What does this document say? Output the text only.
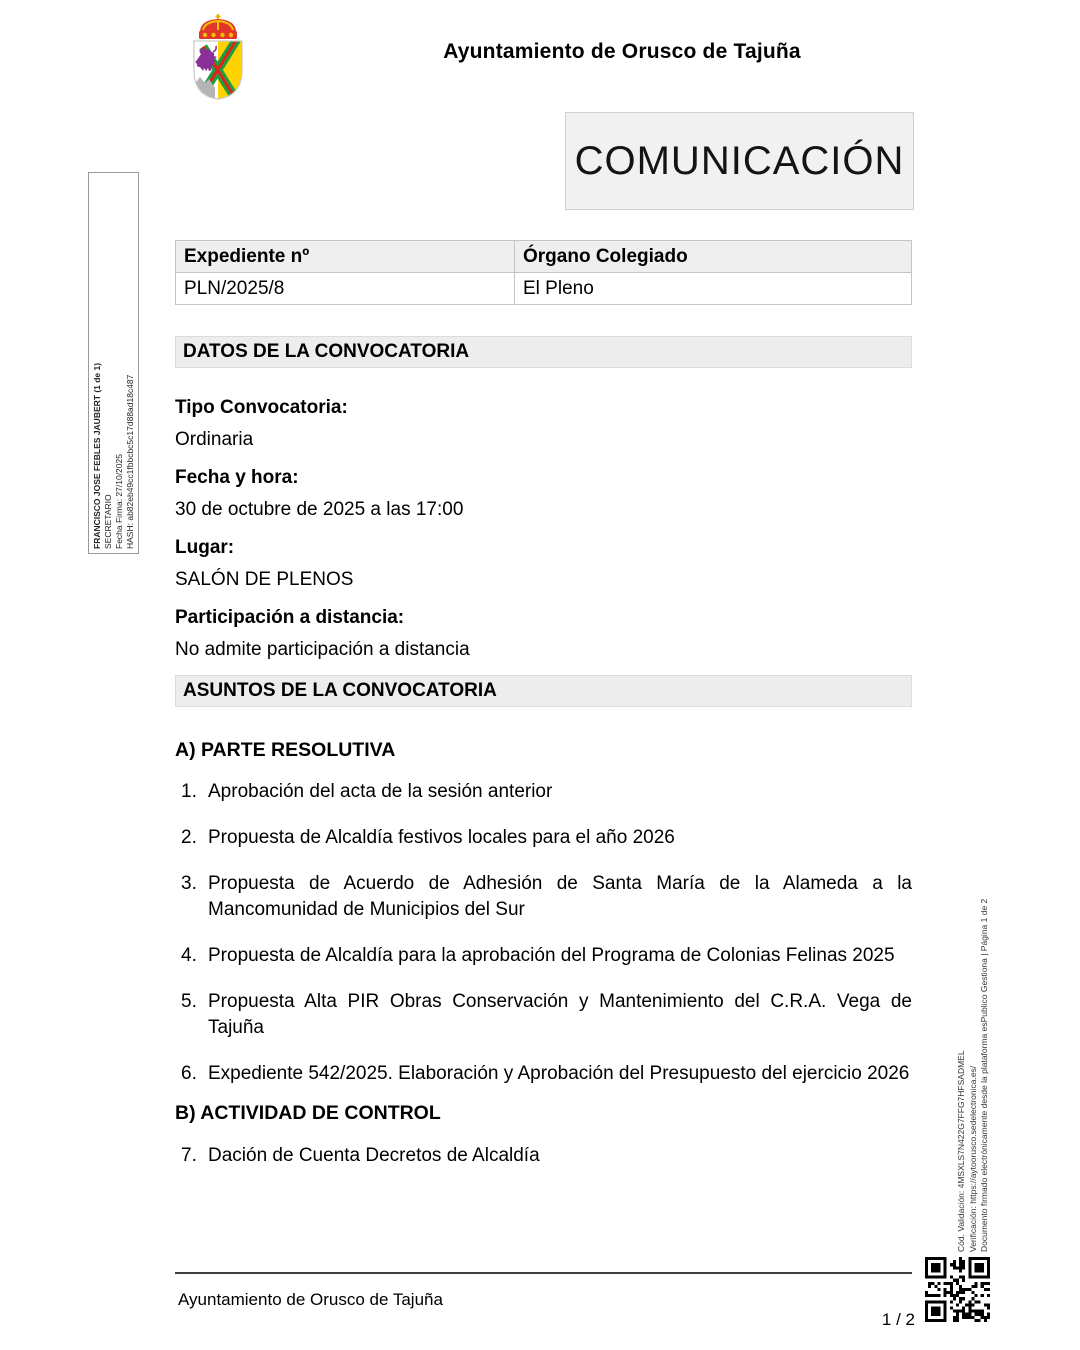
Ayuntamiento de Orusco de Tajuña
COMUNICACIÓN
Expediente nº	Órgano Colegiado
PLN/2025/8	El Pleno
DATOS DE LA CONVOCATORIA
Tipo Convocatoria:
Ordinaria
Fecha y hora:
30 de octubre de 2025 a las 17:00
Lugar:
SALÓN DE PLENOS
Participación a distancia:
No admite participación a distancia
ASUNTOS DE LA CONVOCATORIA
A) PARTE RESOLUTIVA
1. Aprobación del acta de la sesión anterior
2. Propuesta de Alcaldía festivos locales para el año 2026
3. Propuesta de Acuerdo de Adhesión de Santa María de la Alameda a la Mancomunidad de Municipios del Sur
4. Propuesta de Alcaldía para la aprobación del Programa de Colonias Felinas 2025
5. Propuesta Alta PIR Obras Conservación y Mantenimiento del C.R.A. Vega de Tajuña
6. Expediente 542/2025. Elaboración y Aprobación del Presupuesto del ejercicio 2026
B) ACTIVIDAD DE CONTROL
7. Dación de Cuenta Decretos de Alcaldía
FRANCISCO JOSE FEBLES JAUBERT (1 de 1) SECRETARIO Fecha Firma: 27/10/2025 HASH: ab82eb49cc1fbbcbc5c17d88ad18c487
Cód. Validación: 4MSXLS7N422G7FFG7HFSADMEL Verificación: https://aytoorusco.sedelectronica.es/ Documento firmado electrónicamente desde la plataforma esPublico Gestiona | Página 1 de 2
Ayuntamiento de Orusco de Tajuña
1 / 2
